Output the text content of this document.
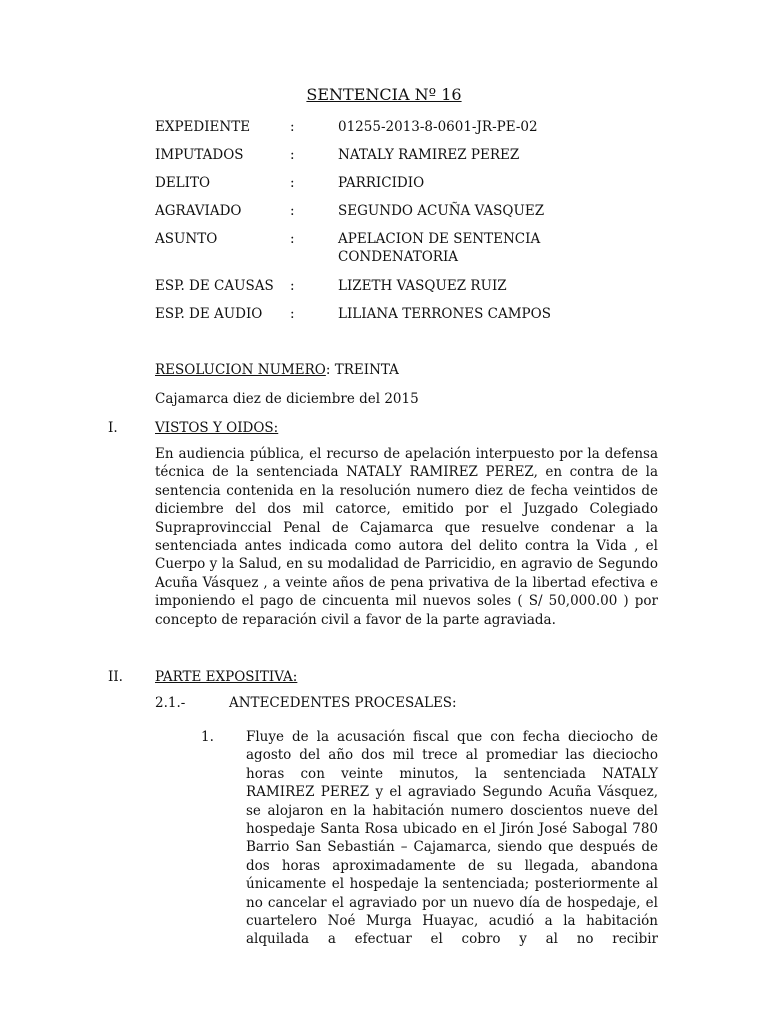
SENTENCIA Nº 16
EXPEDIENTE	:	01255-2013-8-0601-JR-PE-02
IMPUTADOS	:	NATALY RAMIREZ PEREZ
DELITO	:	PARRICIDIO
AGRAVIADO	:	SEGUNDO ACUÑA VASQUEZ
ASUNTO	:	APELACION DE SENTENCIA CONDENATORIA
ESP. DE CAUSAS :	LIZETH VASQUEZ RUIZ
ESP. DE AUDIO :	LILIANA TERRONES CAMPOS
RESOLUCION NUMERO: TREINTA
Cajamarca diez de diciembre del 2015
I.	VISTOS Y OIDOS:
En audiencia pública, el recurso de apelación interpuesto por la defensa técnica de la sentenciada NATALY RAMIREZ PEREZ, en contra de la sentencia contenida en la resolución numero diez de fecha veintidos de diciembre del dos mil catorce, emitido por el Juzgado Colegiado Supraprovinccial Penal de Cajamarca que resuelve condenar a la sentenciada antes indicada como autora del delito contra la Vida , el Cuerpo y la Salud, en su modalidad de Parricidio, en agravio de Segundo Acuña Vásquez , a veinte años de pena privativa de la libertad efectiva e imponiendo el pago de cincuenta mil nuevos soles ( S/ 50,000.00 ) por concepto de reparación civil a favor de la parte agraviada.
II. PARTE EXPOSITIVA:
2.1.-	ANTECEDENTES PROCESALES:
1. Fluye de la acusación fiscal que con fecha dieciocho de agosto del año dos mil trece al promediar las dieciocho horas con veinte minutos, la sentenciada NATALY RAMIREZ PEREZ y el agraviado Segundo Acuña Vásquez, se alojaron en la habitación numero doscientos nueve del hospedaje Santa Rosa ubicado en el Jirón José Sabogal 780 Barrio San Sebastián – Cajamarca, siendo que después de dos horas aproximadamente de su llegada, abandona únicamente el hospedaje la sentenciada; posteriormente al no cancelar el agraviado por un nuevo día de hospedaje, el cuartelero Noé Murga Huayac, acudió a la habitación alquilada a efectuar el cobro y al no recibir
